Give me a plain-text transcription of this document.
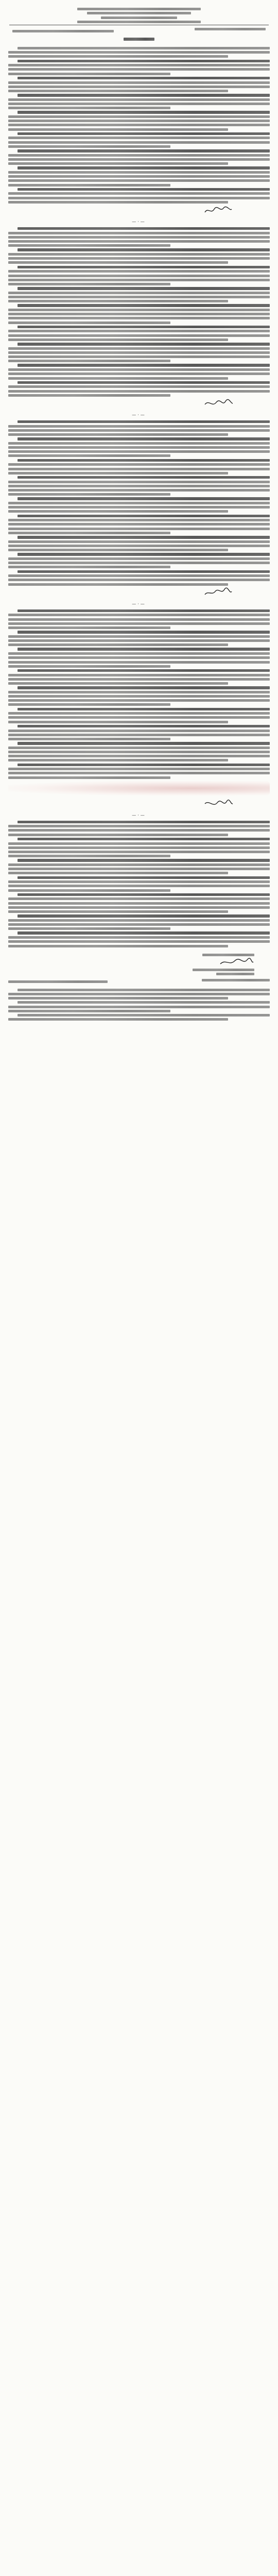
—·—
—·—
—·—
—·—
